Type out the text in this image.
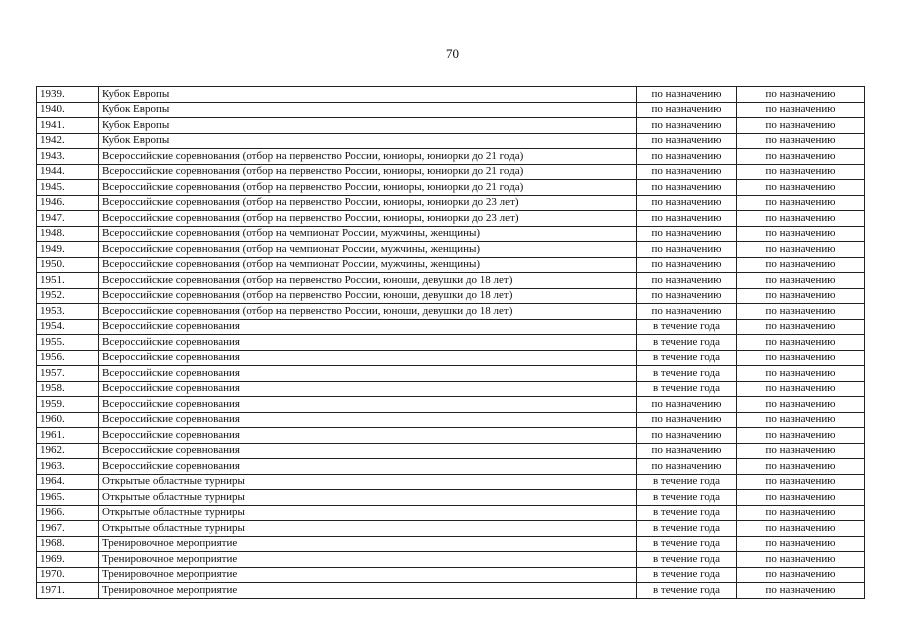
70
1939.	Кубок Европы	по назначению	по назначению
1940.	Кубок Европы	по назначению	по назначению
1941.	Кубок Европы	по назначению	по назначению
1942.	Кубок Европы	по назначению	по назначению
1943.	Всероссийские соревнования (отбор на первенство России, юниоры, юниорки до 21 года)	по назначению	по назначению
1944.	Всероссийские соревнования (отбор на первенство России, юниоры, юниорки до 21 года)	по назначению	по назначению
1945.	Всероссийские соревнования (отбор на первенство России, юниоры, юниорки до 21 года)	по назначению	по назначению
1946.	Всероссийские соревнования (отбор на первенство России, юниоры, юниорки до 23 лет)	по назначению	по назначению
1947.	Всероссийские соревнования (отбор на первенство России, юниоры, юниорки до 23 лет)	по назначению	по назначению
1948.	Всероссийские соревнования (отбор на чемпионат России, мужчины, женщины)	по назначению	по назначению
1949.	Всероссийские соревнования (отбор на чемпионат России, мужчины, женщины)	по назначению	по назначению
1950.	Всероссийские соревнования (отбор на чемпионат России, мужчины, женщины)	по назначению	по назначению
1951.	Всероссийские соревнования (отбор на первенство России, юноши, девушки до 18 лет)	по назначению	по назначению
1952.	Всероссийские соревнования (отбор на первенство России, юноши, девушки до 18 лет)	по назначению	по назначению
1953.	Всероссийские соревнования (отбор на первенство России, юноши, девушки до 18 лет)	по назначению	по назначению
1954.	Всероссийские соревнования	в течение года	по назначению
1955.	Всероссийские соревнования	в течение года	по назначению
1956.	Всероссийские соревнования	в течение года	по назначению
1957.	Всероссийские соревнования	в течение года	по назначению
1958.	Всероссийские соревнования	в течение года	по назначению
1959.	Всероссийские соревнования	по назначению	по назначению
1960.	Всероссийские соревнования	по назначению	по назначению
1961.	Всероссийские соревнования	по назначению	по назначению
1962.	Всероссийские соревнования	по назначению	по назначению
1963.	Всероссийские соревнования	по назначению	по назначению
1964.	Открытые областные турниры	в течение года	по назначению
1965.	Открытые областные турниры	в течение года	по назначению
1966.	Открытые областные турниры	в течение года	по назначению
1967.	Открытые областные турниры	в течение года	по назначению
1968.	Тренировочное мероприятие	в течение года	по назначению
1969.	Тренировочное мероприятие	в течение года	по назначению
1970.	Тренировочное мероприятие	в течение года	по назначению
1971.	Тренировочное мероприятие	в течение года	по назначению
